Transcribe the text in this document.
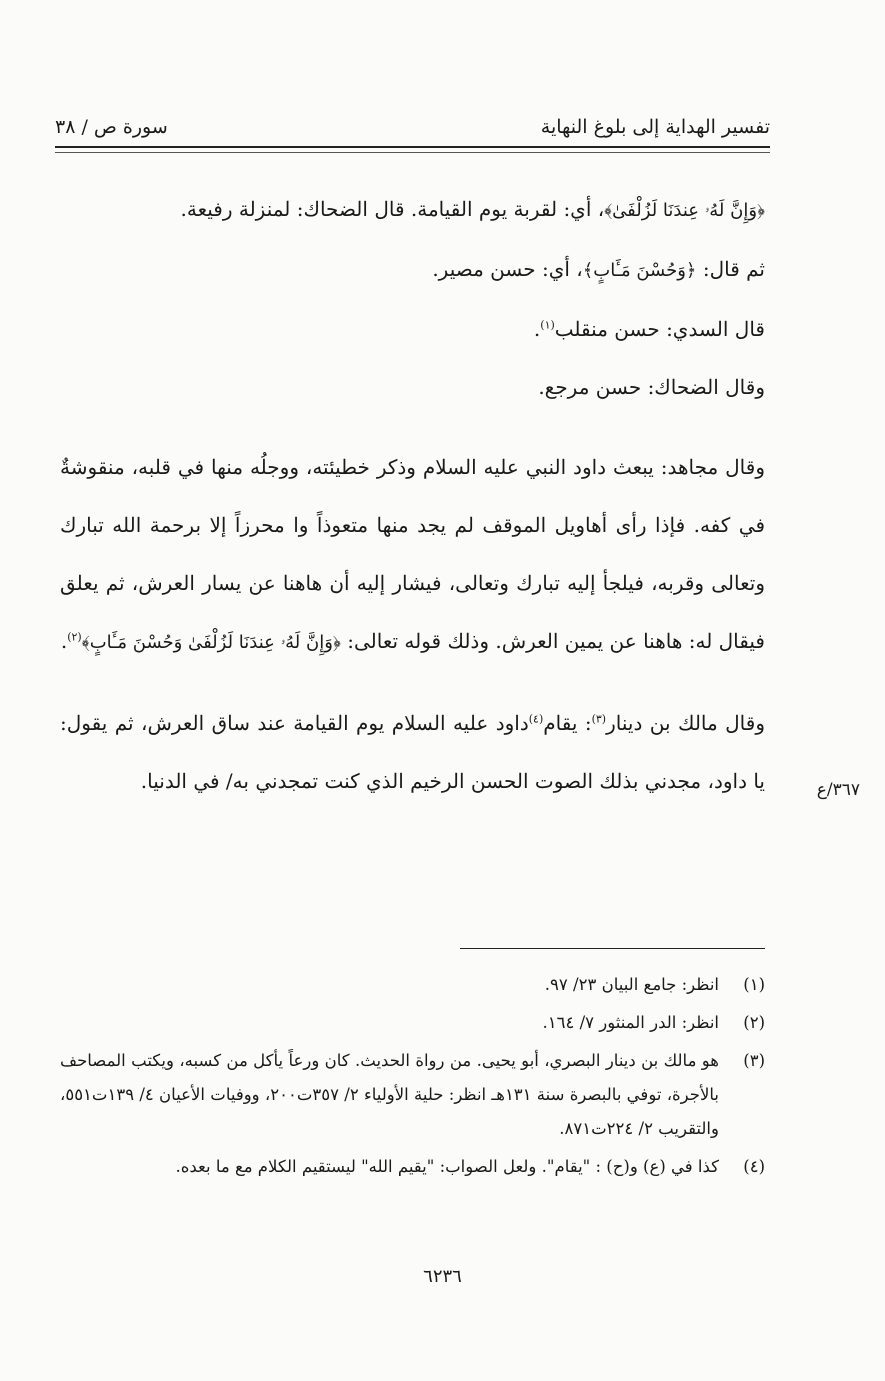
تفسير الهداية إلى بلوغ النهاية
سورة ص / ٣٨

﴿وَإِنَّ لَهُۥ عِندَنَا لَزُلْفَىٰ﴾، أي: لقربة يوم القيامة. قال الضحاك: لمنزلة رفيعة.

ثم قال: ﴿وَحُسْنَ مَـَٔابٍ﴾، أي: حسن مصير.

قال السدي: حسن منقلب$^{(١)}$.

وقال الضحاك: حسن مرجع.

وقال مجاهد: يبعث داود النبي عليه السلام وذكر خطيئته، ووجلُه منها في قلبه، منقوشةٌ في كفه. فإذا رأى أهاويل الموقف لم يجد منها متعوذاً وا محرزاً إلا برحمة الله تبارك وتعالى وقربه، فيلجأ إليه تبارك وتعالى، فيشار إليه أن هاهنا عن يسار العرش، ثم يعلق فيقال له: هاهنا عن يمين العرش. وذلك قوله تعالى: ﴿وَإِنَّ لَهُۥ عِندَنَا لَزُلْفَىٰ وَحُسْنَ مَـَٔابٍ﴾$^{(٢)}$.

وقال مالك بن دينار$^{(٣)}$: يقام$^{(٤)}$داود عليه السلام يوم القيامة عند ساق العرش، ثم يقول: يا داود، مجدني بذلك الصوت الحسن الرخيم الذي كنت تمجدني به/ في الدنيا.	٣٦٧/ع
(١)
انظر: جامع البيان ٢٣/ ٩٧.
(٢)
انظر: الدر المنثور ٧/ ١٦٤.
(٣)
هو مالك بن دينار البصري، أبو يحيى. من رواة الحديث. كان ورعاً يأكل من كسبه، ويكتب المصاحف بالأجرة، توفي بالبصرة سنة ١٣١هـ انظر: حلية الأولياء ٢/ ٣٥٧ت٢٠٠، ووفيات الأعيان ٤/ ١٣٩ت٥٥١، والتقريب ٢/ ٢٢٤ت٨٧١.
(٤)
كذا في (ع) و(ح) : "يقام". ولعل الصواب: "يقيم الله" ليستقيم الكلام مع ما بعده.
٦٢٣٦
